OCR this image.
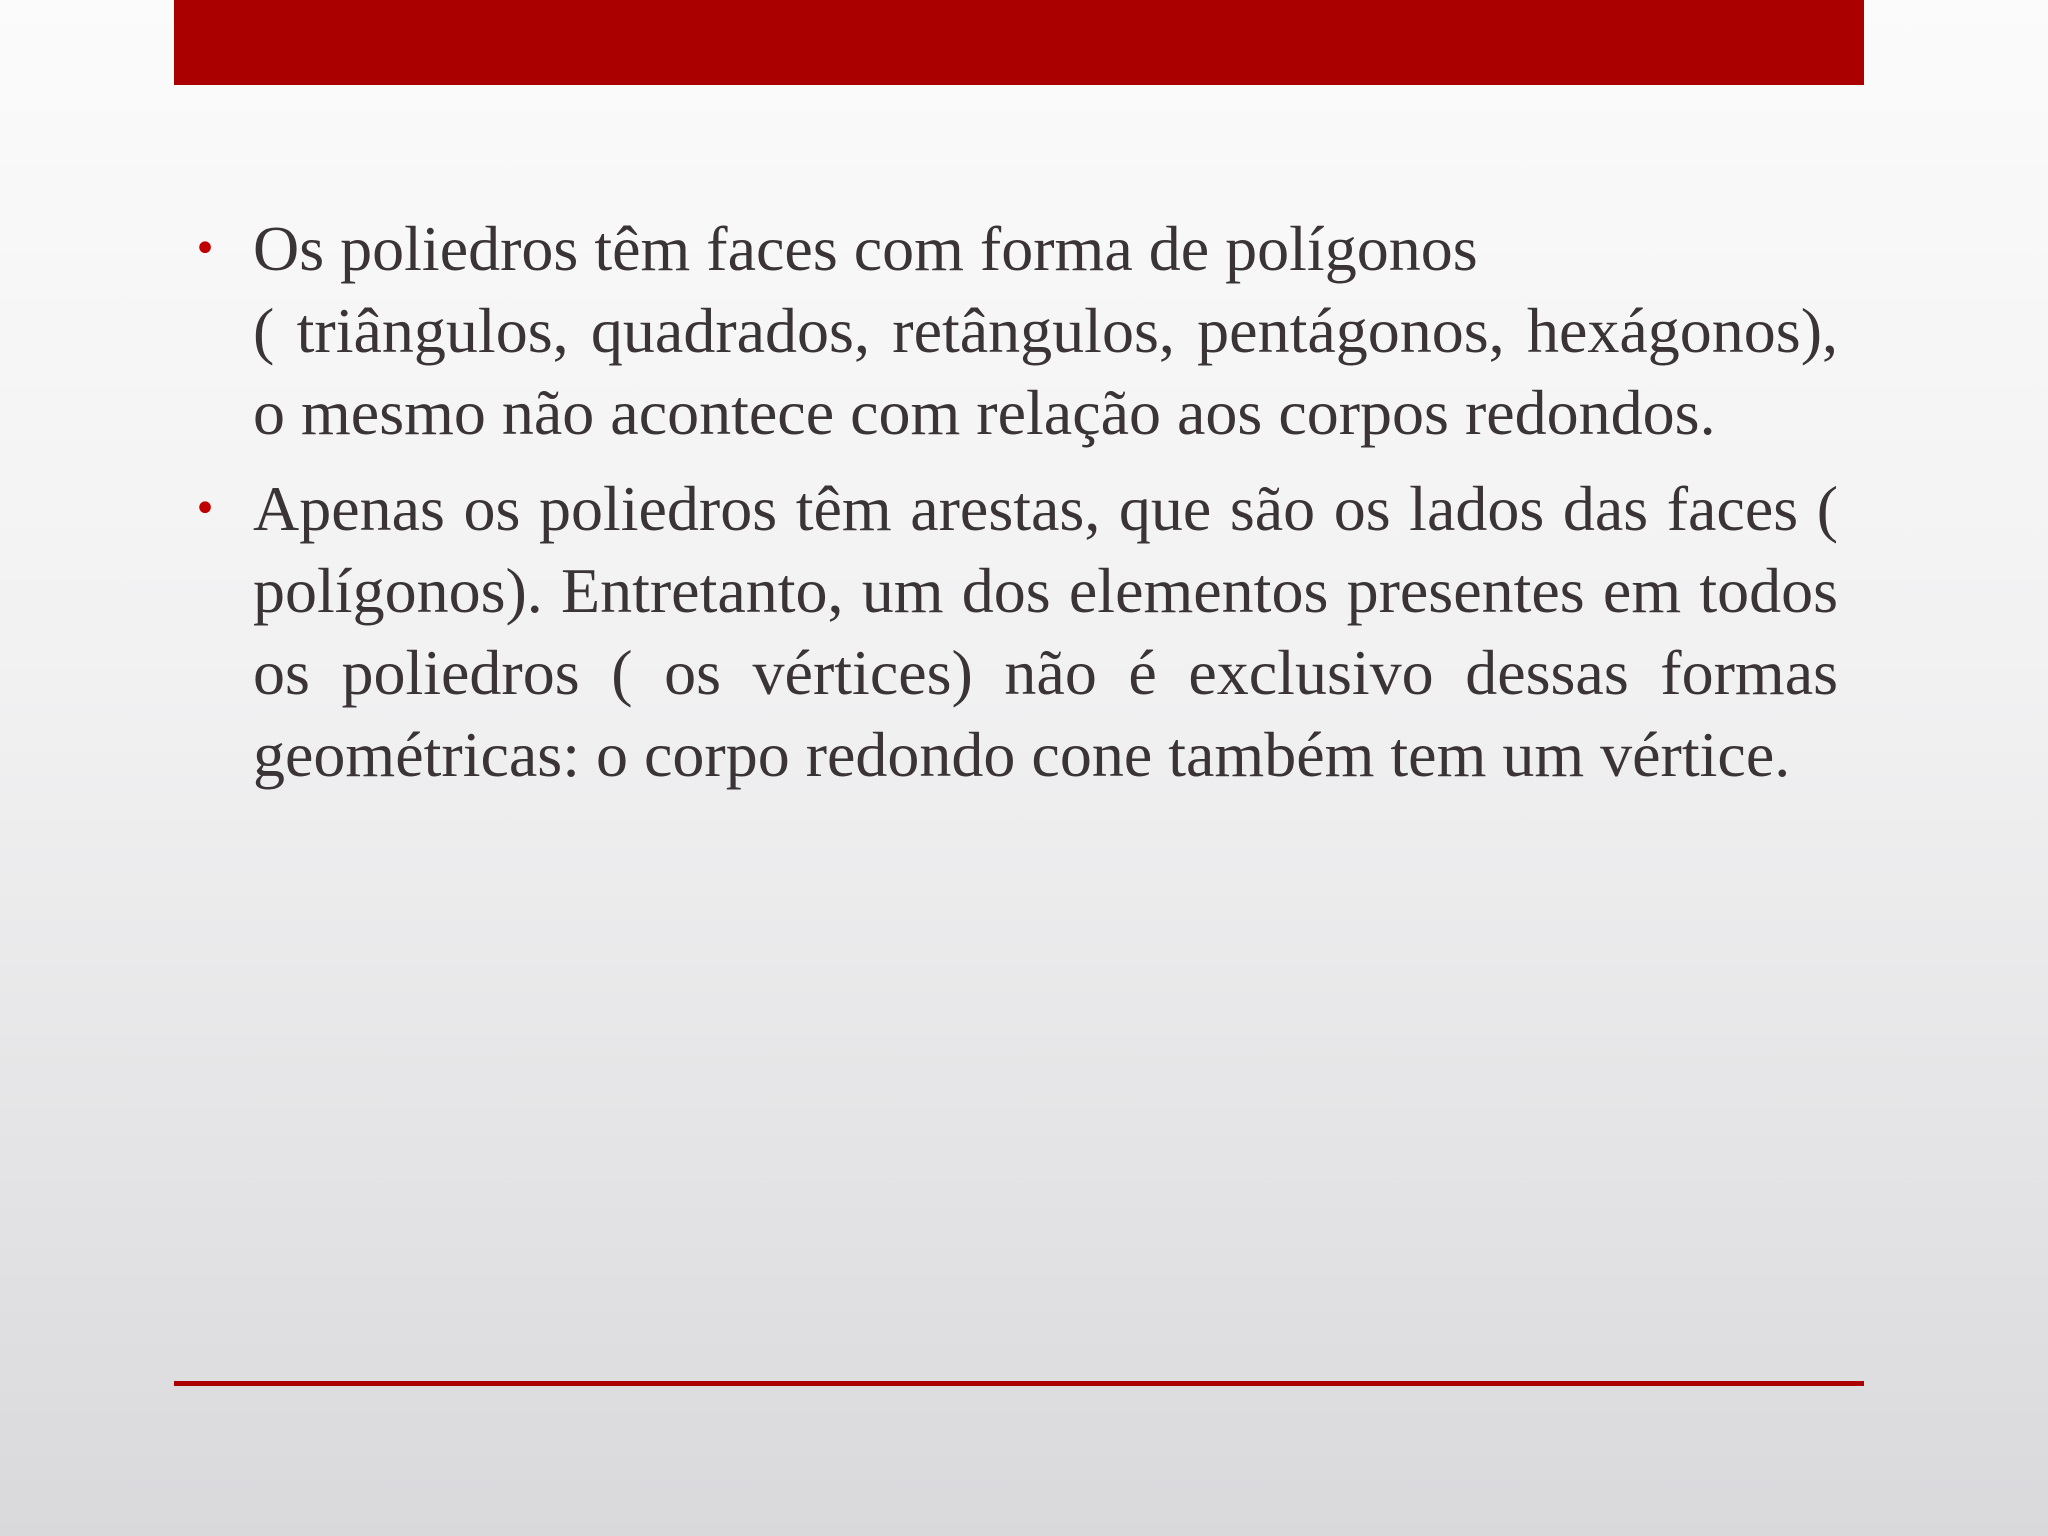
• Os poliedros têm faces com forma de polígonos
( triângulos, quadrados, retângulos, pentágonos, hexágonos), o mesmo não acontece com relação aos corpos redondos.
• Apenas os poliedros têm arestas, que são os lados das faces ( polígonos). Entretanto, um dos elementos presentes em todos os poliedros ( os vértices) não é exclusivo dessas formas geométricas: o corpo redondo cone também tem um vértice.
